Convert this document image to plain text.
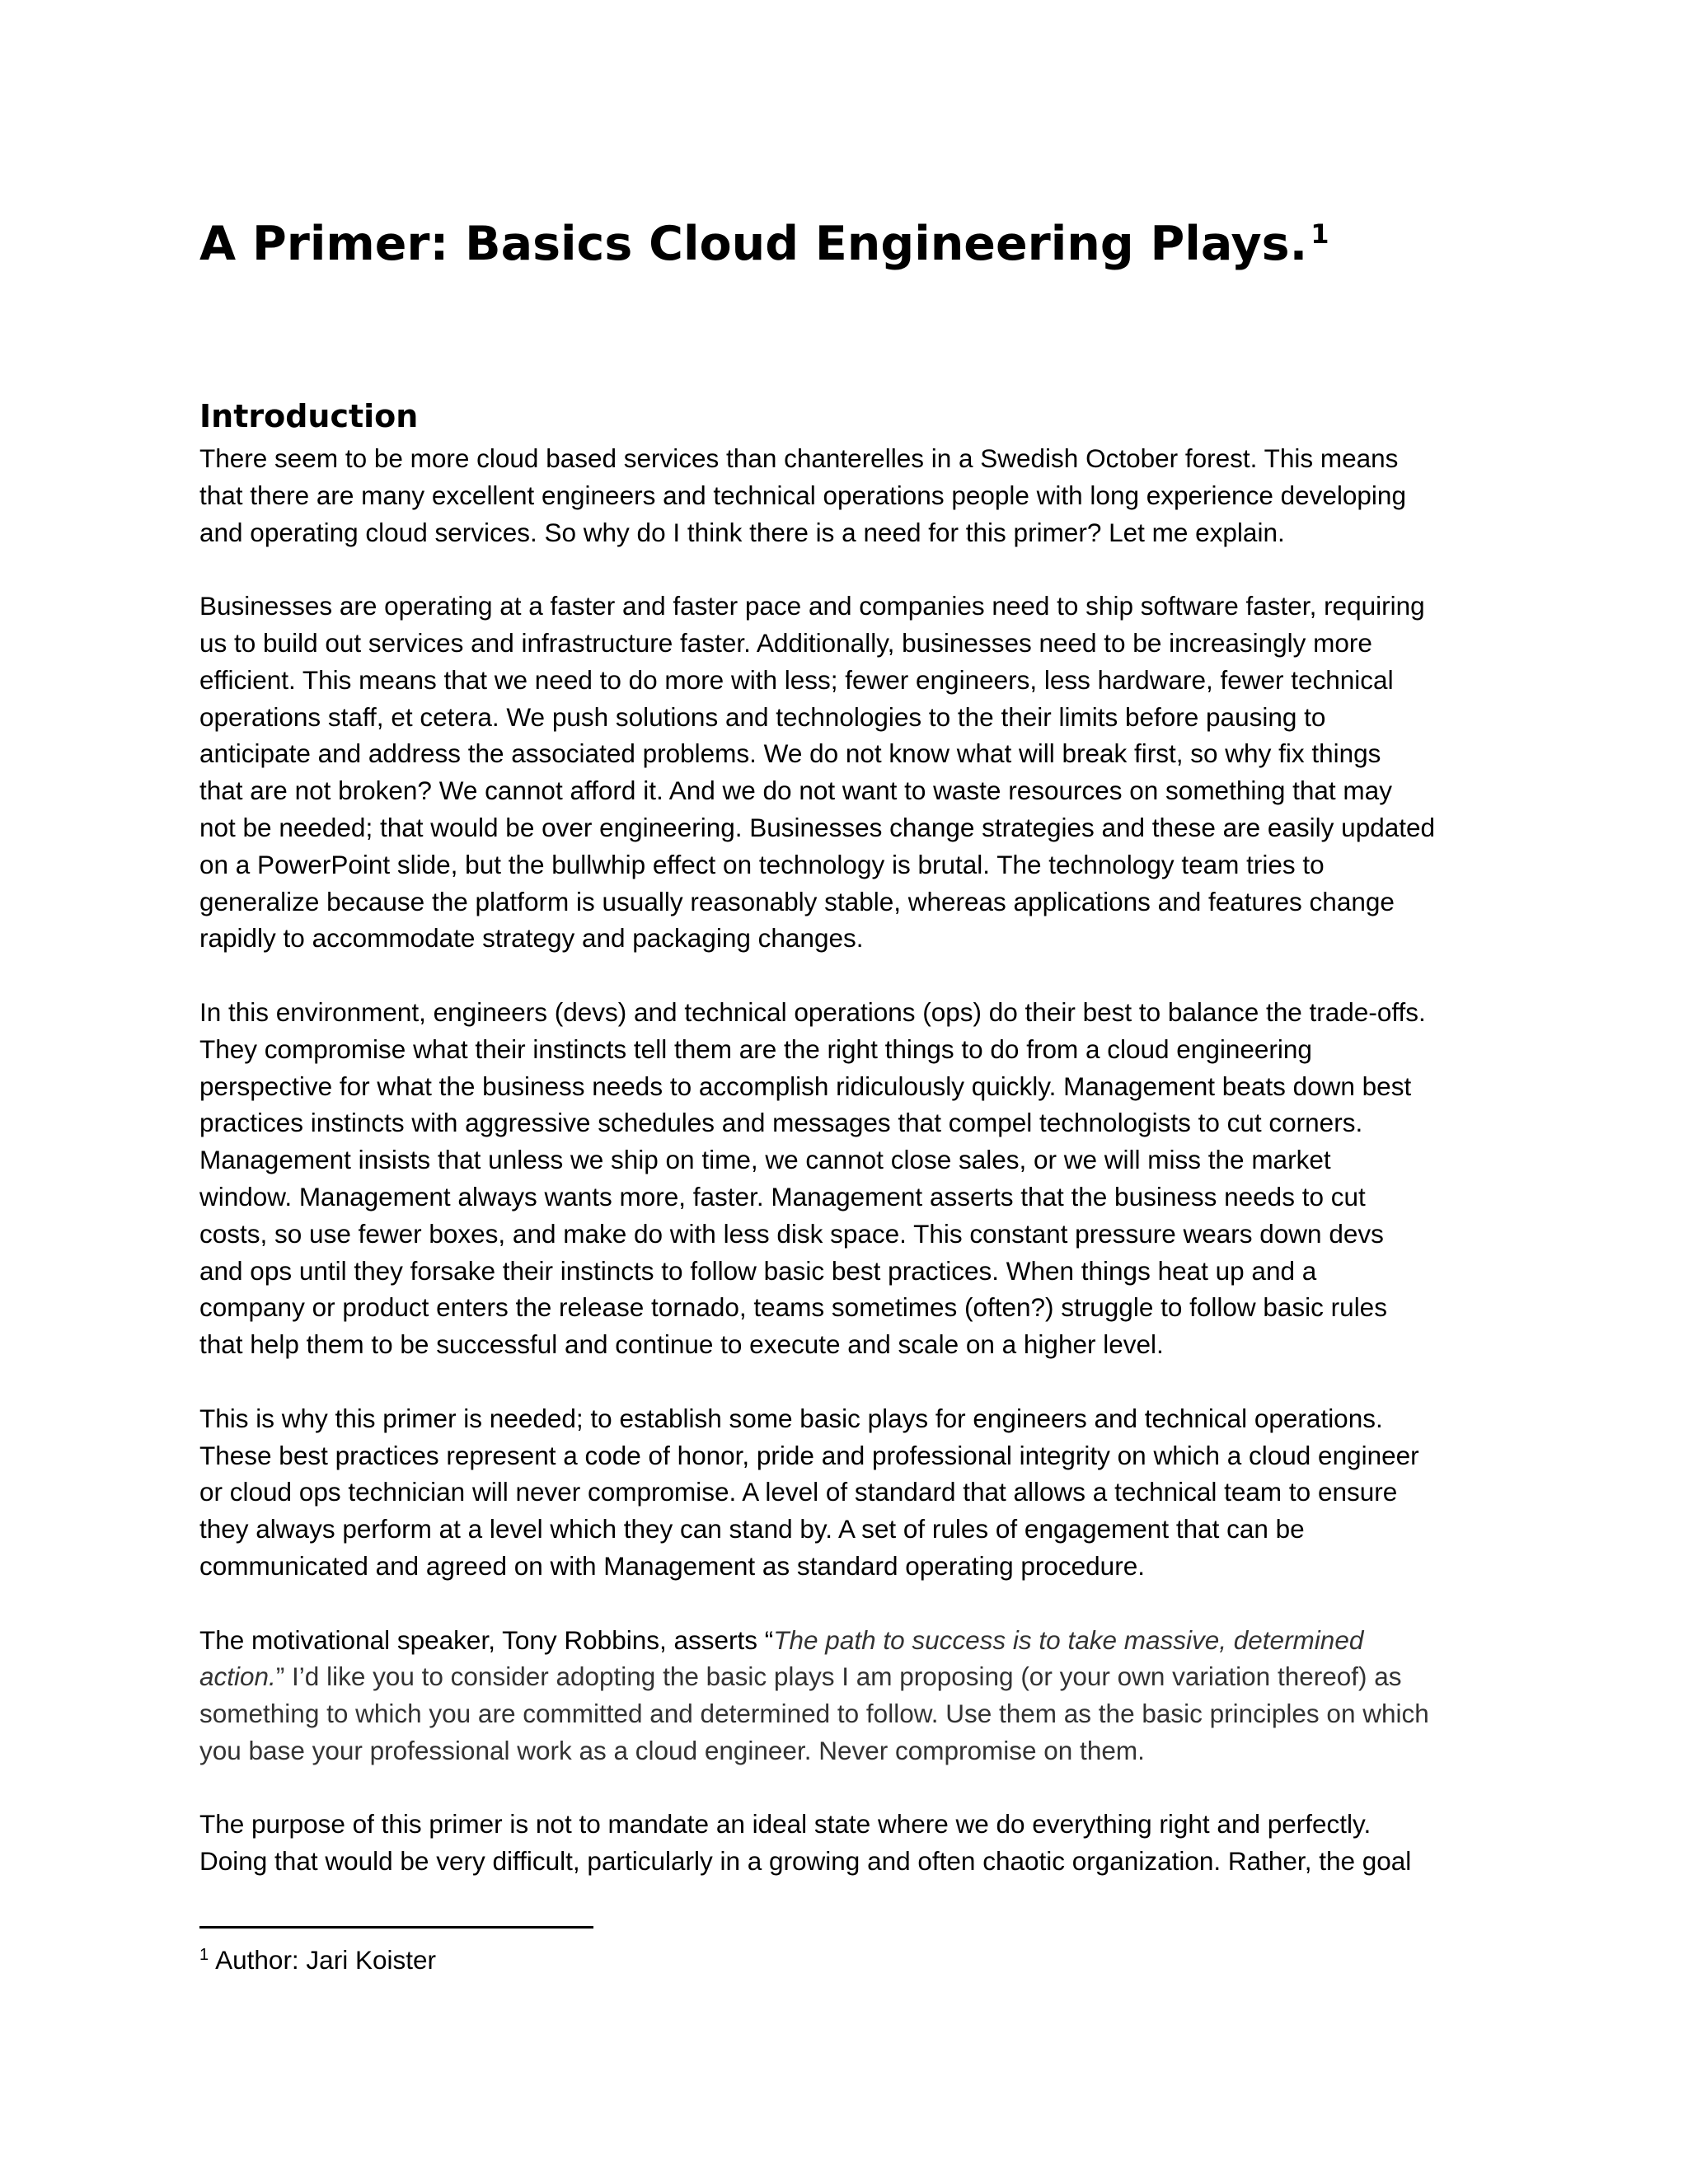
A Primer: Basics Cloud Engineering Plays. $^1$
Introduction

There seem to be more cloud based services than chanterelles in a Swedish October forest. This means
that there are many excellent engineers and technical operations people with long experience developing
and operating cloud services. So why do I think there is a need for this primer? Let me explain.

Businesses are operating at a faster and faster pace and companies need to ship software faster, requiring
us to build out services and infrastructure faster. Additionally, businesses need to be increasingly more
efficient. This means that we need to do more with less; fewer engineers, less hardware, fewer technical
operations staff, et cetera. We push solutions and technologies to the their limits before pausing to
anticipate and address the associated problems. We do not know what will break first, so why fix things
that are not broken? We cannot afford it. And we do not want to waste resources on something that may
not be needed; that would be over engineering. Businesses change strategies and these are easily updated
on a PowerPoint slide, but the bullwhip effect on technology is brutal. The technology team tries to
generalize because the platform is usually reasonably stable, whereas applications and features change
rapidly to accommodate strategy and packaging changes.

In this environment, engineers (devs) and technical operations (ops) do their best to balance the trade-offs.
They compromise what their instincts tell them are the right things to do from a cloud engineering
perspective for what the business needs to accomplish ridiculously quickly. Management beats down best
practices instincts with aggressive schedules and messages that compel technologists to cut corners.
Management insists that unless we ship on time, we cannot close sales, or we will miss the market
window. Management always wants more, faster. Management asserts that the business needs to cut
costs, so use fewer boxes, and make do with less disk space. This constant pressure wears down devs
and ops until they forsake their instincts to follow basic best practices. When things heat up and a
company or product enters the release tornado, teams sometimes (often?) struggle to follow basic rules
that help them to be successful and continue to execute and scale on a higher level.

This is why this primer is needed; to establish some basic plays for engineers and technical operations.
These best practices represent a code of honor, pride and professional integrity on which a cloud engineer
or cloud ops technician will never compromise. A level of standard that allows a technical team to ensure
they always perform at a level which they can stand by. A set of rules of engagement that can be
communicated and agreed on with Management as standard operating procedure.

The motivational speaker, Tony Robbins, asserts “The path to success is to take massive, determined
action.” I’d like you to consider adopting the basic plays I am proposing (or your own variation thereof) as
something to which you are committed and determined to follow. Use them as the basic principles on which
you base your professional work as a cloud engineer. Never compromise on them.

The purpose of this primer is not to mandate an ideal state where we do everything right and perfectly.
Doing that would be very difficult, particularly in a growing and often chaotic organization. Rather, the goal

$^1$ Author: Jari Koister
